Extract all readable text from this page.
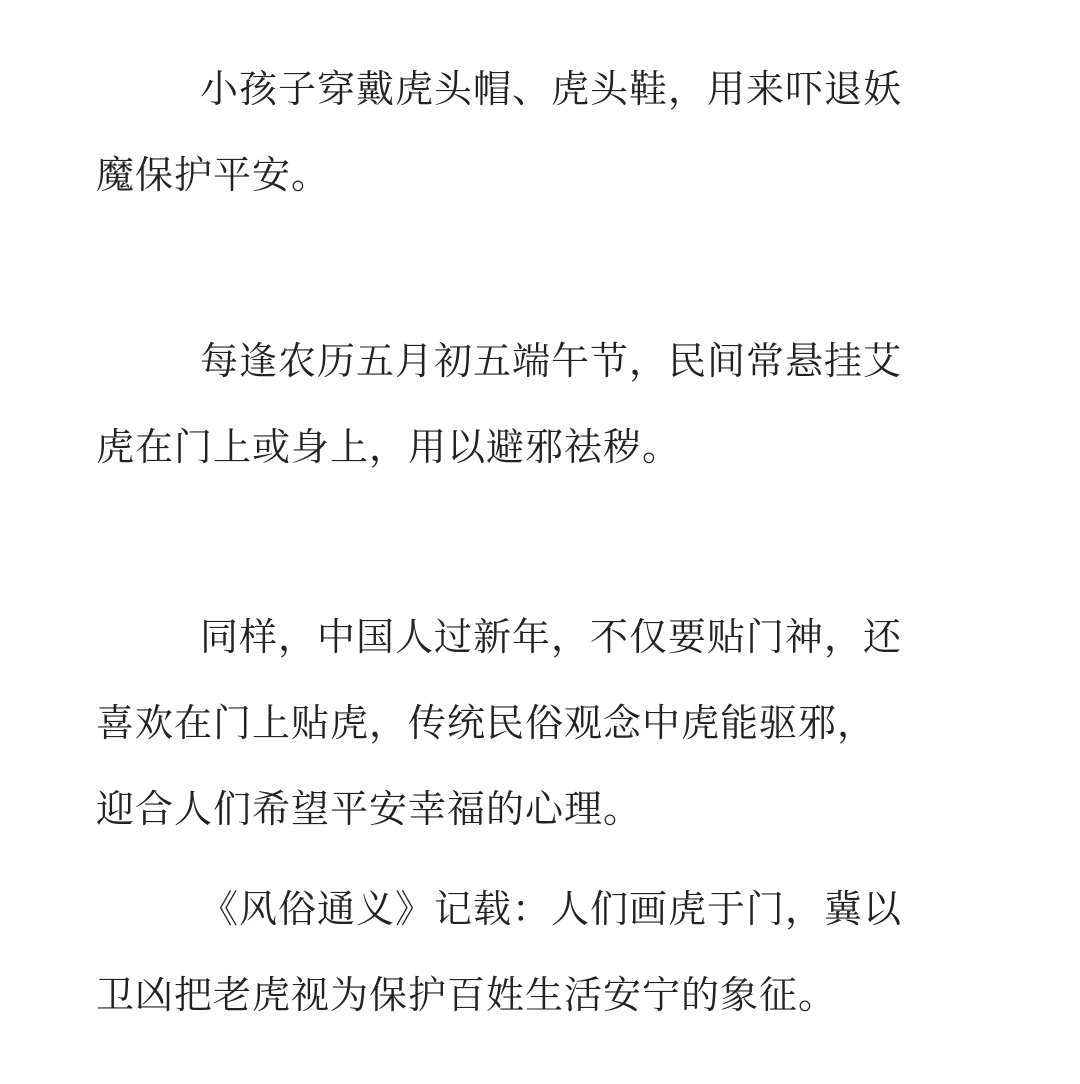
小孩子穿戴虎头帽、虎头鞋，用来吓退妖
魔保护平安。
每逢农历五月初五端午节，民间常悬挂艾
虎在门上或身上，用以避邪祛秽。
同样，中国人过新年，不仅要贴门神，还
喜欢在门上贴虎，传统民俗观念中虎能驱邪，
迎合人们希望平安幸福的心理。
《风俗通义》记载：人们画虎于门，冀以
卫凶把老虎视为保护百姓生活安宁的象征。
